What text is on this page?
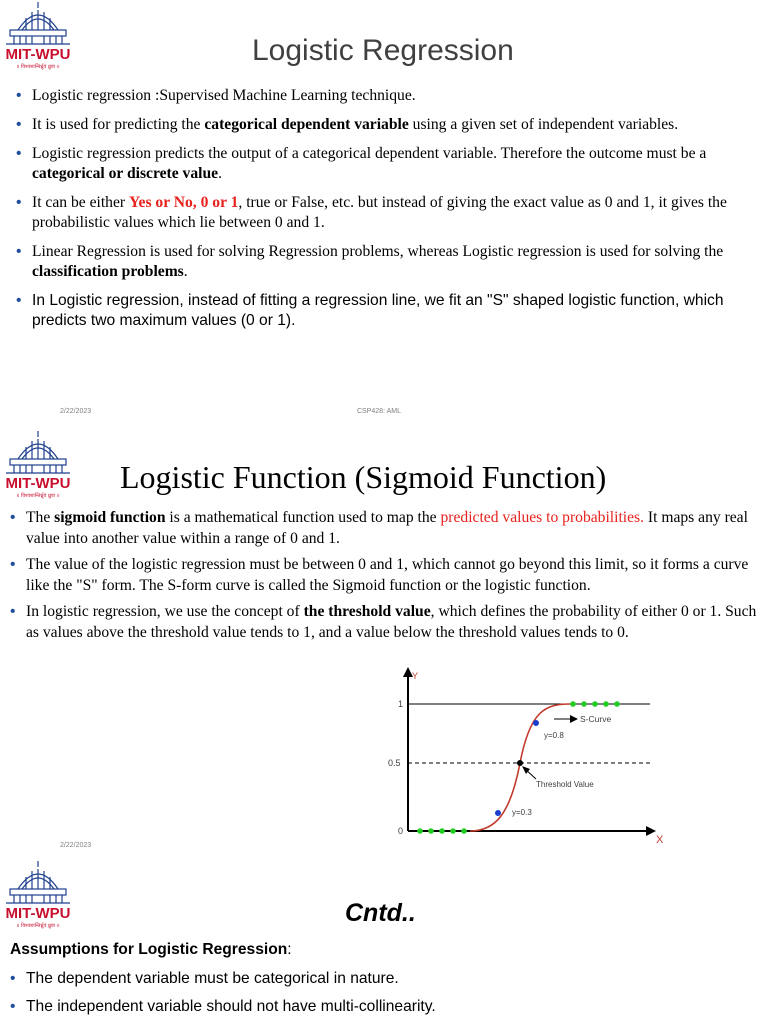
MIT-WPU
॥ विश्वशान्तिर्ध्रुवं ध्रुवा ॥	Logistic Regression
• Logistic regression :Supervised Machine Learning technique.
• It is used for predicting the categorical dependent variable using a given set of independent variables.
• Logistic regression predicts the output of a categorical dependent variable. Therefore the outcome must be a categorical or discrete value.
• It can be either Yes or No, 0 or 1, true or False, etc. but instead of giving the exact value as 0 and 1, it gives the probabilistic values which lie between 0 and 1.
• Linear Regression is used for solving Regression problems, whereas Logistic regression is used for solving the classification problems.
• In Logistic regression, instead of fitting a regression line, we fit an "S" shaped logistic function, which predicts two maximum values (0 or 1).
2/22/2023	CSP428: AML
MIT-WPU
॥ विश्वशान्तिर्ध्रुवं ध्रुवा ॥
Logistic Function (Sigmoid Function)
• The sigmoid function is a mathematical function used to map the predicted values to probabilities. It maps any real value into another value within a range of 0 and 1.
• The value of the logistic regression must be between 0 and 1, which cannot go beyond this limit, so it forms a curve like the "S" form. The S-form curve is called the Sigmoid function or the logistic function.
• In logistic regression, we use the concept of the threshold value, which defines the probability of either 0 or 1. Such as values above the threshold value tends to 1, and a value below the threshold values tends to 0.
Y
X
1
0.5
0
S-Curve
y=0.8
Threshold Value
y=0.3
2/22/2023
MIT-WPU
॥ विश्वशान्तिर्ध्रुवं ध्रुवा ॥	Cntd..
Assumptions for Logistic Regression:
• The dependent variable must be categorical in nature.
• The independent variable should not have multi-collinearity.
